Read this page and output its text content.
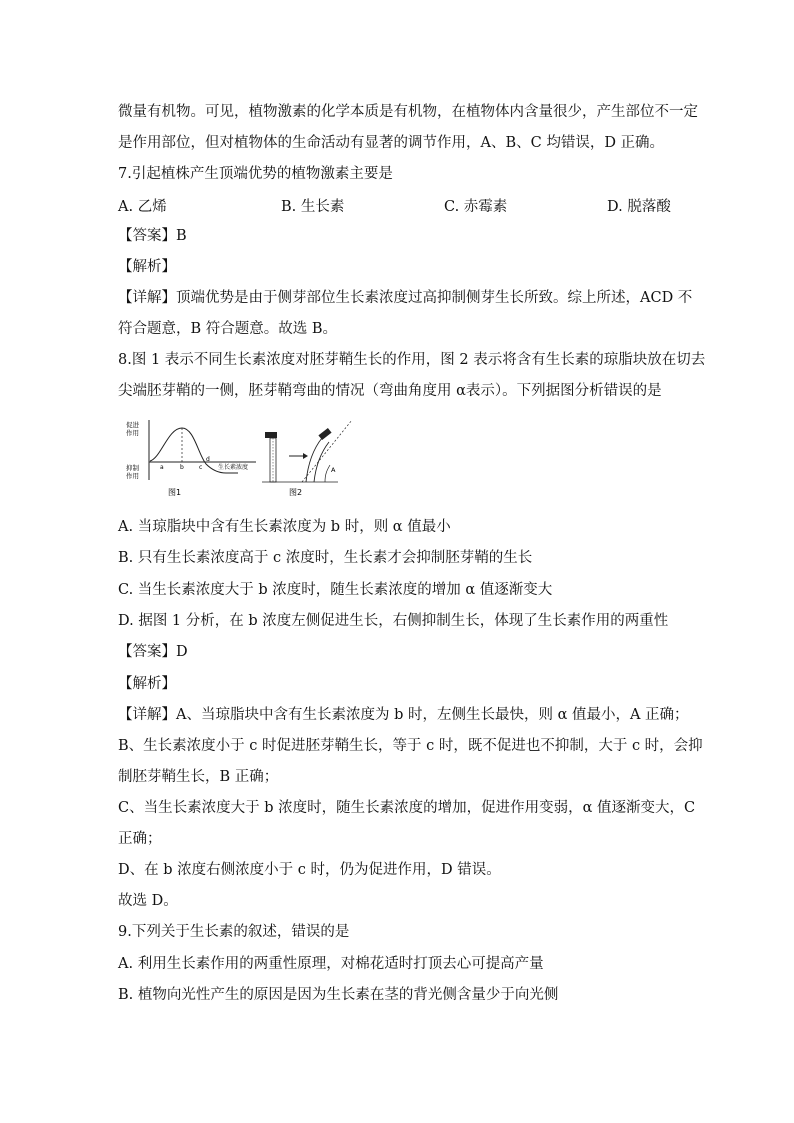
微量有机物。可见，植物激素的化学本质是有机物，在植物体内含量很少，产生部位不一定
是作用部位，但对植物体的生命活动有显著的调节作用，A、B、C 均错误，D 正确。
7.引起植株产生顶端优势的植物激素主要是
A. 乙烯	B. 生长素	C. 赤霉素	D. 脱落酸
【答案】B
【解析】
【详解】顶端优势是由于侧芽部位生长素浓度过高抑制侧芽生长所致。综上所述，ACD 不
符合题意，B 符合题意。故选 B。
8.图 1 表示不同生长素浓度对胚芽鞘生长的作用，图 2 表示将含有生长素的琼脂块放在切去
尖端胚芽鞘的一侧，胚芽鞘弯曲的情况（弯曲角度用 α表示）。下列据图分析错误的是
促进
作用
抑制
作用
a	b	c
d
生长素浓度
图1
A
图2
A. 当琼脂块中含有生长素浓度为 b 时，则 α 值最小
B. 只有生长素浓度高于 c 浓度时，生长素才会抑制胚芽鞘的生长
C. 当生长素浓度大于 b 浓度时，随生长素浓度的增加 α 值逐渐变大
D. 据图 1 分析，在 b 浓度左侧促进生长，右侧抑制生长，体现了生长素作用的两重性
【答案】D
【解析】
【详解】A、当琼脂块中含有生长素浓度为 b 时，左侧生长最快，则 α 值最小，A 正确；
B、生长素浓度小于 c 时促进胚芽鞘生长，等于 c 时，既不促进也不抑制，大于 c 时，会抑
制胚芽鞘生长，B 正确；
C、当生长素浓度大于 b 浓度时，随生长素浓度的增加，促进作用变弱，α 值逐渐变大，C
正确；
D、在 b 浓度右侧浓度小于 c 时，仍为促进作用，D 错误。
故选 D。
9.下列关于生长素的叙述，错误的是
A. 利用生长素作用的两重性原理，对棉花适时打顶去心可提高产量
B. 植物向光性产生的原因是因为生长素在茎的背光侧含量少于向光侧
